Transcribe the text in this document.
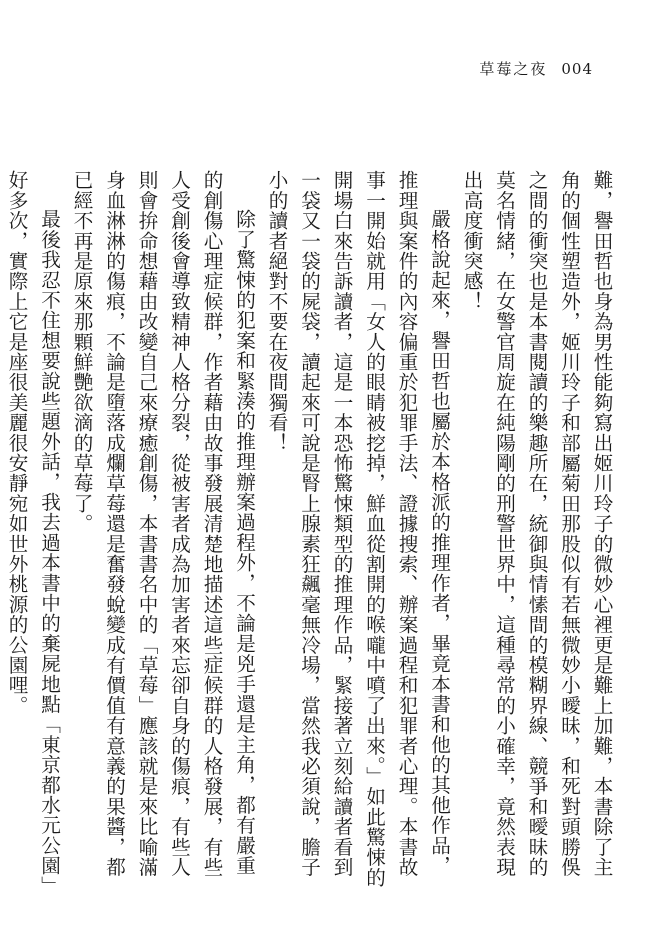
草莓之夜 004

難，譽田哲也身為男性能夠寫出姬川玲子的微妙心裡更是難上加難，本書除了主角的個性塑造外，姬川玲子和部屬菊田那股似有若無微妙小曖昧，和死對頭勝俁之間的衝突也是本書閱讀的樂趣所在，統御與情愫間的模糊界線、競爭和曖昧的莫名情緒，在女警官周旋在純陽剛的刑警世界中，這種尋常的小確幸，竟然表現出高度衝突感！

嚴格說起來，譽田哲也屬於本格派的推理作者，畢竟本書和他的其他作品，推理與案件的內容偏重於犯罪手法、證據搜索、辦案過程和犯罪者心理。本書故事一開始就用「女人的眼睛被挖掉，鮮血從割開的喉嚨中噴了出來。」如此驚悚的開場白來告訴讀者，這是一本恐怖驚悚類型的推理作品，緊接著立刻給讀者看到一袋又一袋的屍袋，讀起來可說是腎上腺素狂飆毫無冷場，當然我必須說，膽子小的讀者絕對不要在夜間獨看！

除了驚悚的犯案和緊湊的推理辦案過程外，不論是兇手還是主角，都有嚴重的創傷心理症候群，作者藉由故事發展清楚地描述這些症候群的人格發展，有些人受創後會導致精神人格分裂，從被害者成為加害者來忘卻自身的傷痕，有些人則會拚命想藉由改變自己來療癒創傷，本書書名中的「草莓」應該就是來比喻滿身血淋淋的傷痕，不論是墮落成爛草莓還是奮發蛻變成有價值有意義的果醬，都已經不再是原來那顆鮮艷欲滴的草莓了。

最後我忍不住想要說些題外話，我去過本書中的棄屍地點「東京都水元公園」好多次，實際上它是座很美麗很安靜宛如世外桃源的公園哩。
